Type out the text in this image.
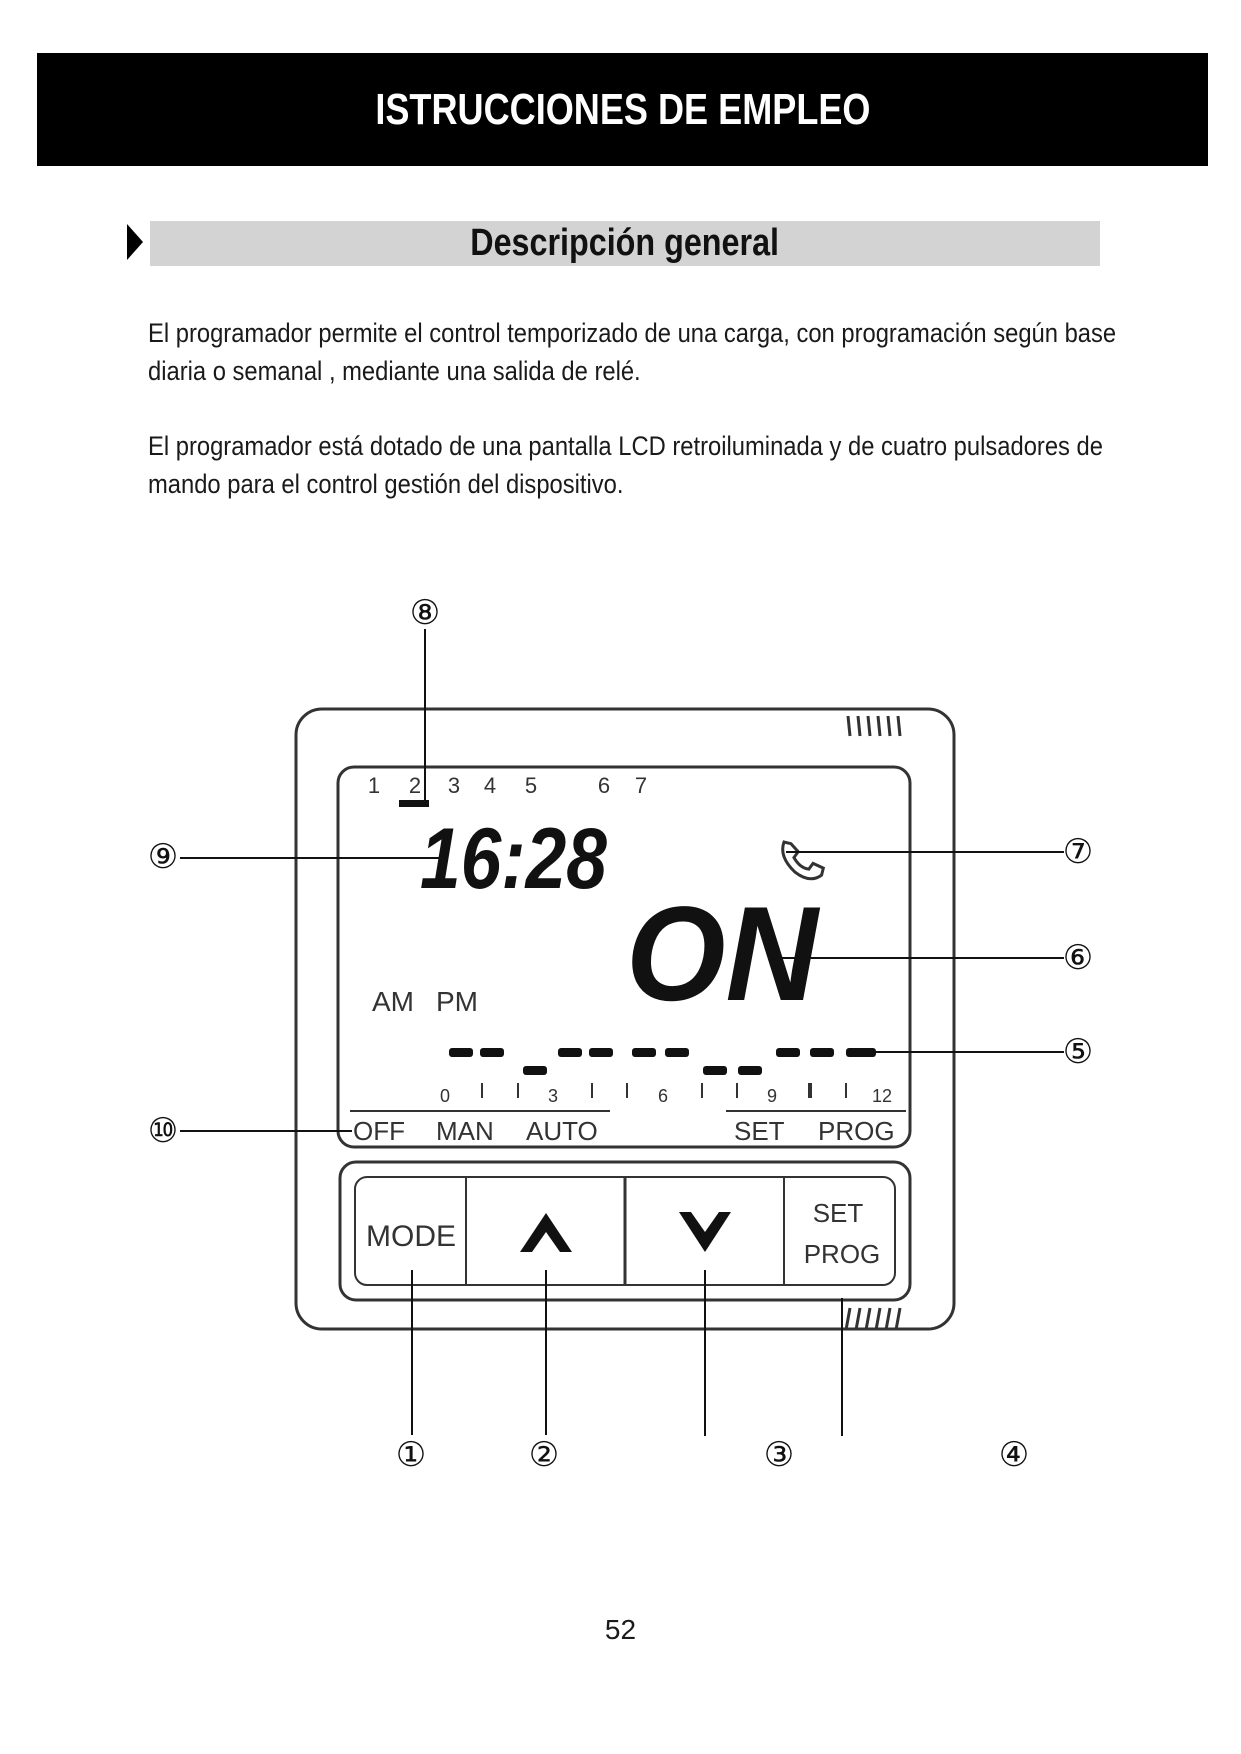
ISTRUCCIONES DE EMPLEO
Descripción general
El programador permite el control temporizado de una carga, con programación según base
diaria o semanal , mediante una salida de relé.
El programador está dotado de una pantalla LCD retroiluminada y de cuatro pulsadores de
mando para el control gestión del dispositivo.
1 2 3 4 5	6 7
16:28
ON
AM PM
0	3	6	9	12
OFF MAN AUTO	SET PROG
MODE
SET
PROG
⑧
⑨	⑦
⑥
⑤
⑩
①	②	③	④
52
